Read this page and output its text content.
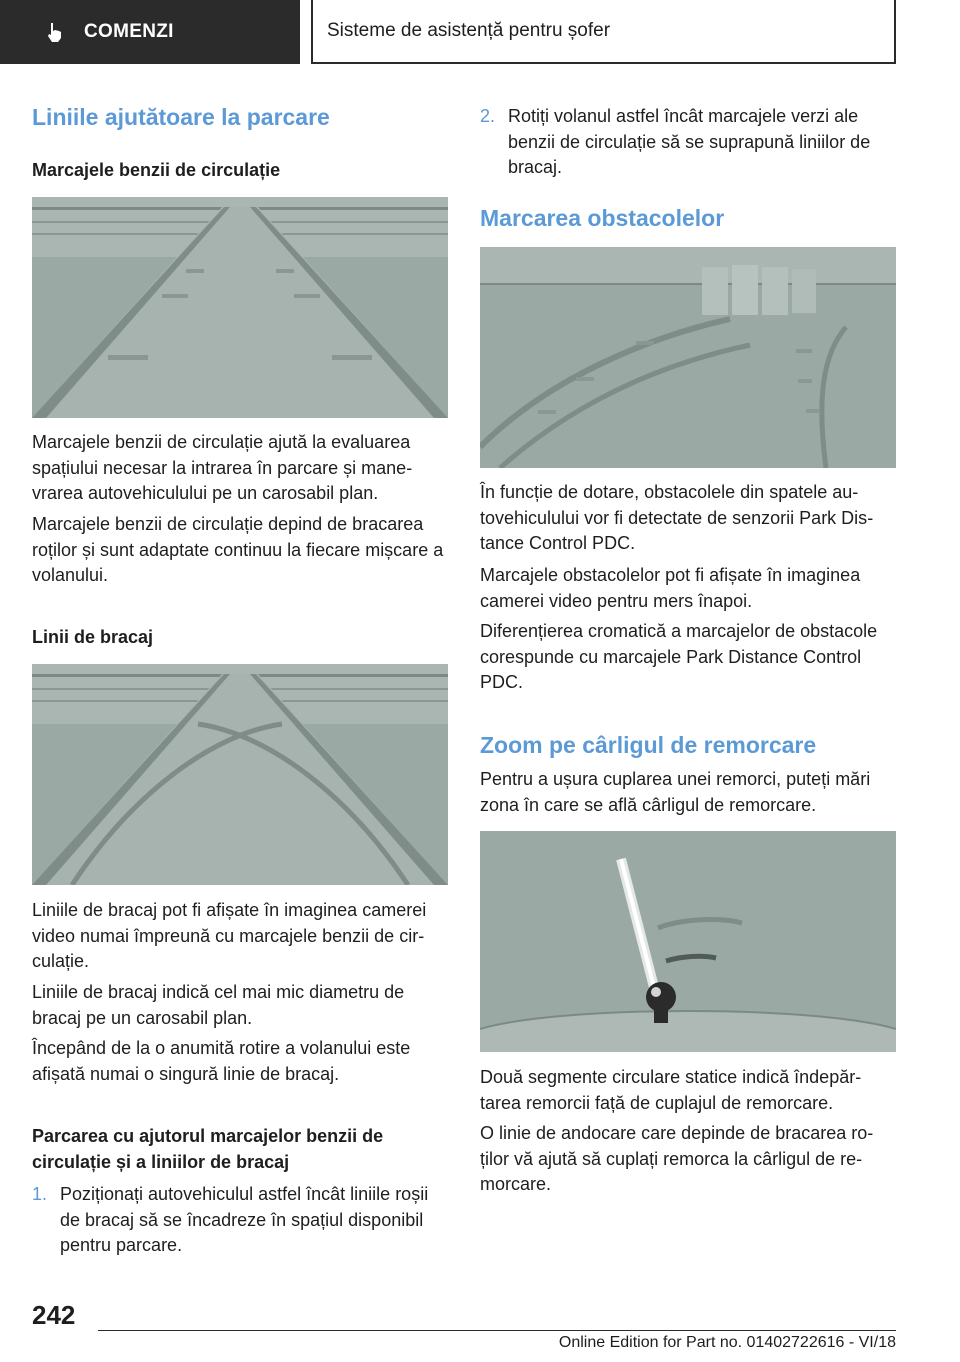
COMENZI	Sisteme de asistență pentru șofer
Liniile ajutătoare la parcare
Marcajele benzii de circulație
Marcajele benzii de circulație ajută la evaluarea spațiului necesar la intrarea în parcare și manevrarea autovehiculului pe un carosabil plan.
Marcajele benzii de circulație depind de bracarea roților și sunt adaptate continuu la fiecare mișcare a volanului.
Linii de bracaj
Liniile de bracaj pot fi afișate în imaginea camerei video numai împreună cu marcajele benzii de circulație.
Liniile de bracaj indică cel mai mic diametru de bracaj pe un carosabil plan.
Începând de la o anumită rotire a volanului este afișată numai o singură linie de bracaj.
Parcarea cu ajutorul marcajelor benzii de circulație și a liniilor de bracaj
1. Poziționați autovehiculul astfel încât liniile roșii de bracaj să se încadreze în spațiul disponibil pentru parcare.
2. Rotiți volanul astfel încât marcajele verzi ale benzii de circulație să se suprapună liniilor de bracaj.
Marcarea obstacolelor
În funcție de dotare, obstacolele din spatele autovehiculului vor fi detectate de senzorii Park Distance Control PDC.
Marcajele obstacolelor pot fi afișate în imaginea camerei video pentru mers înapoi.
Diferențierea cromatică a marcajelor de obstacole corespunde cu marcajele Park Distance Control PDC.
Zoom pe cârligul de remorcare
Pentru a ușura cuplarea unei remorci, puteți mări zona în care se află cârligul de remorcare.
Două segmente circulare statice indică îndepărtarea remorcii față de cuplajul de remorcare.
O linie de andocare care depinde de bracarea roților vă ajută să cuplați remorca la cârligul de remorcare.
242
Online Edition for Part no. 01402722616 - VI/18
